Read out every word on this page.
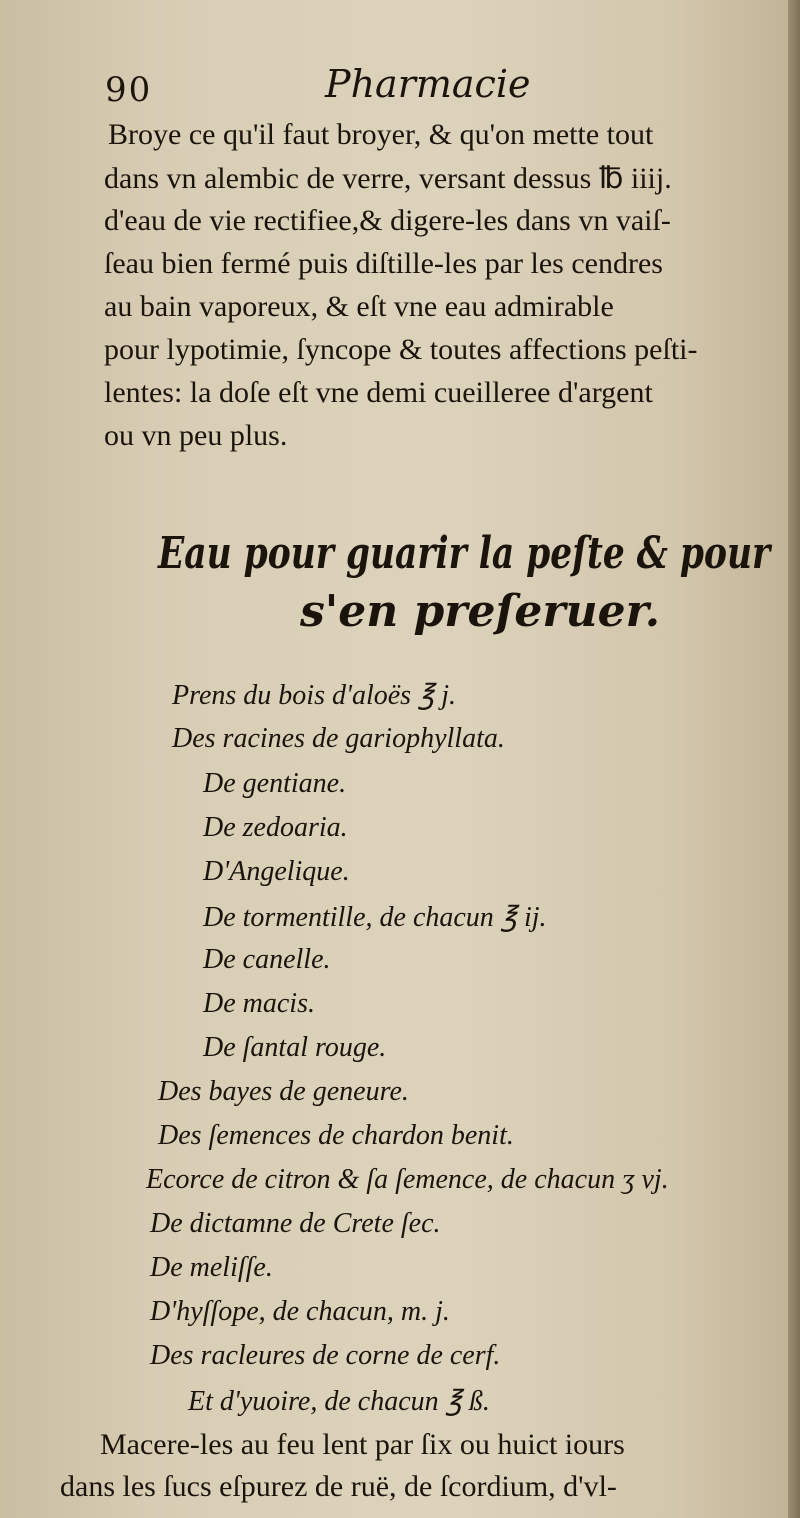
90	Pharmacie
Broye ce qu'il faut broyer, & qu'on mette tout
dans vn alembic de verre, versant dessus ℔ iiij.
d'eau de vie rectifiee,& digere-les dans vn vaiſ-
ſeau bien fermé puis diſtille-les par les cendres
au bain vaporeux, & eſt vne eau admirable
pour lypotimie, ſyncope & toutes affections peſti-
lentes: la doſe eſt vne demi cueilleree d'argent
ou vn peu plus.
Eau pour guarir la peſte & pour
s'en preſeruer.
Prens du bois d'aloës ℥ j.
Des racines de gariophyllata.
De gentiane.
De zedoaria.
D'Angelique.
De tormentille, de chacun ℥ ij.
De canelle.
De macis.
De ſantal rouge.
Des bayes de geneure.
Des ſemences de chardon benit.
Ecorce de citron & ſa ſemence, de chacun ʒ vj.
De dictamne de Crete ſec.
De meliſſe.
D'hyſſope, de chacun, m. j.
Des racleures de corne de cerf.
Et d'yuoire, de chacun ℥ ß.
Macere-les au feu lent par ſix ou huict iours
dans les ſucs eſpurez de ruë, de ſcordium, d'vl-
